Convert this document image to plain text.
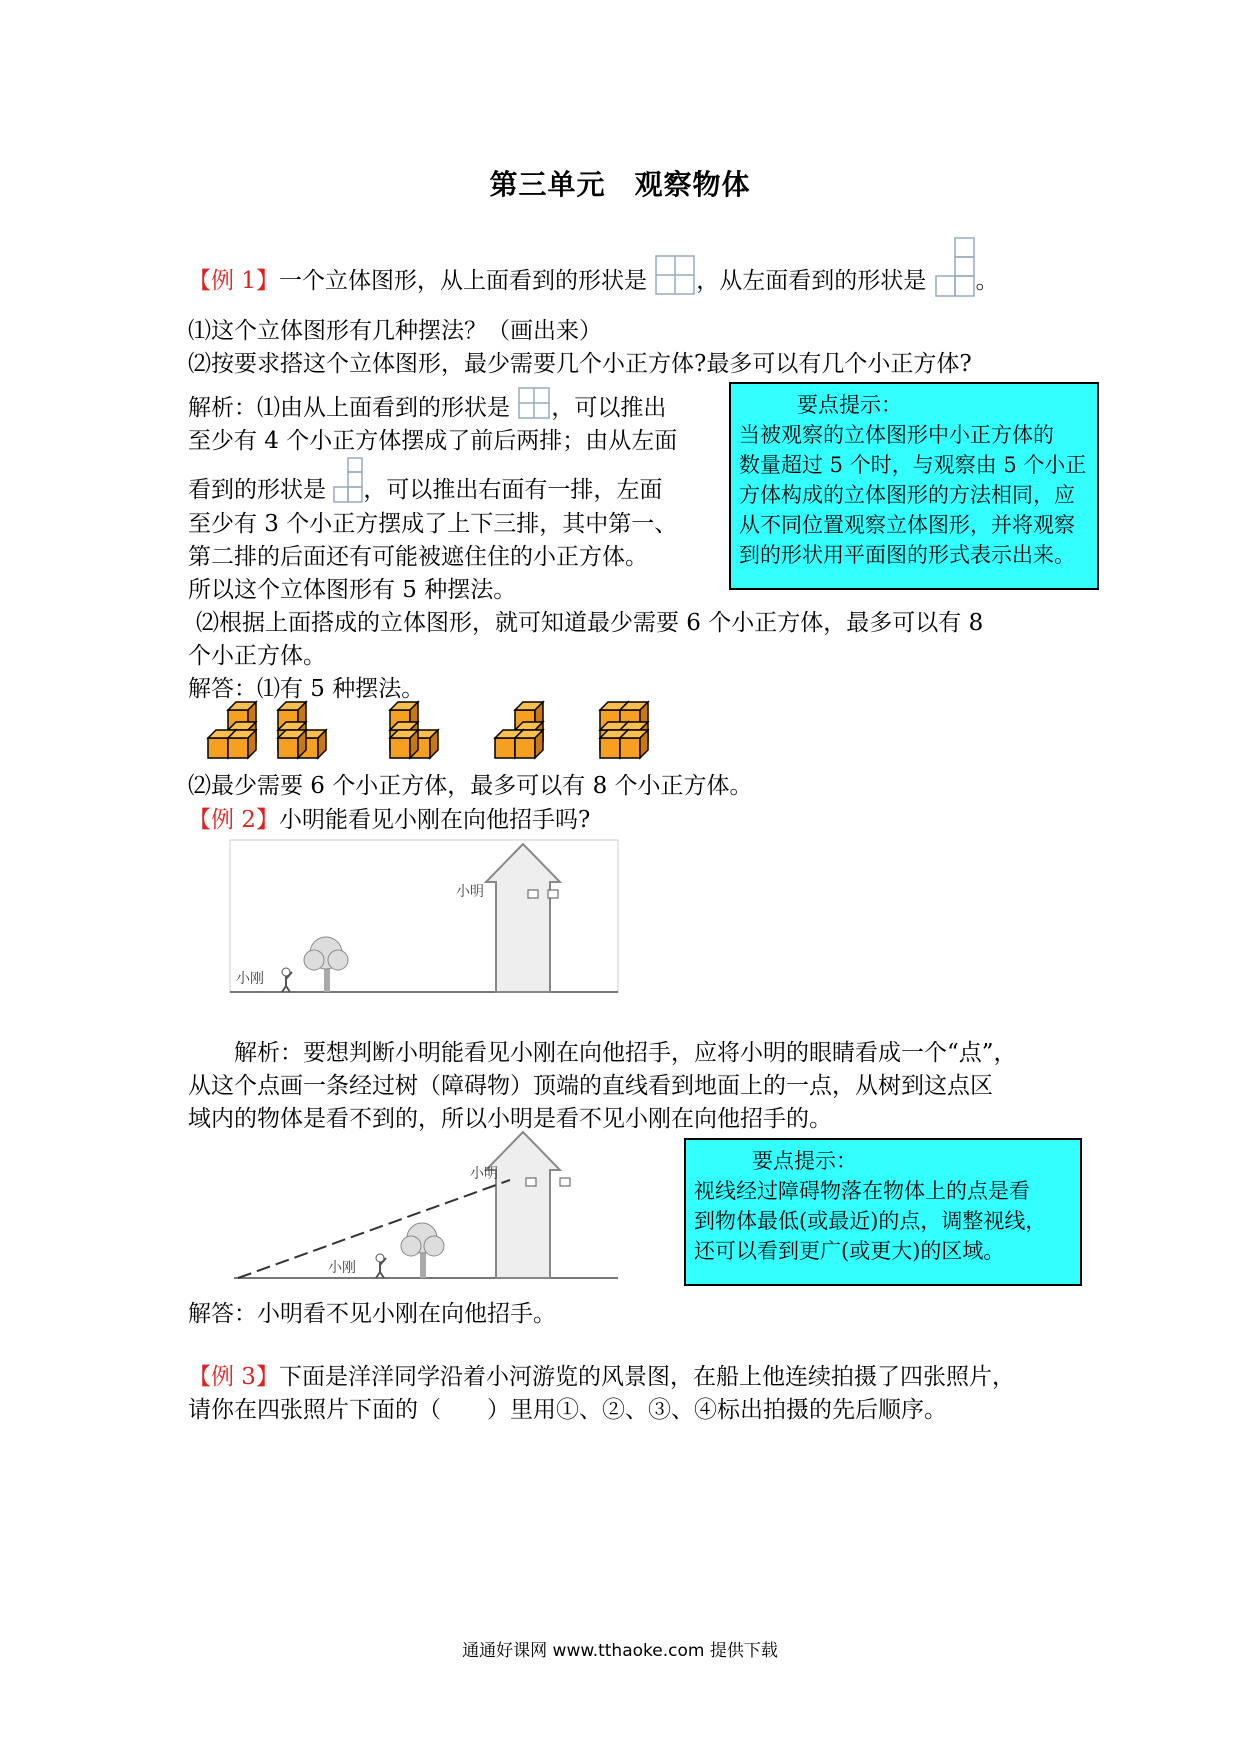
第三单元　观察物体
【例 1】一个立体图形，从上面看到的形状是 ，从左面看到的形状是 。
⑴这个立体图形有几种摆法？（画出来）
⑵按要求搭这个立体图形，最少需要几个小正方体?最多可以有几个小正方体?
解析：⑴由从上面看到的形状是 ，可以推出
至少有 4 个小正方体摆成了前后两排；由从左面
看到的形状是 ，可以推出右面有一排，左面
至少有 3 个小正方摆成了上下三排，其中第一、
第二排的后面还有可能被遮住住的小正方体。
所以这个立体图形有 5 种摆法。
⑵根据上面搭成的立体图形，就可知道最少需要 6 个小正方体，最多可以有 8
个小正方体。
解答：⑴有 5 种摆法。
要点提示：
当被观察的立体图形中小正方体的
数量超过 5 个时，与观察由 5 个小正
方体构成的立体图形的方法相同，应
从不同位置观察立体图形，并将观察
到的形状用平面图的形式表示出来。
⑵最少需要 6 个小正方体，最多可以有 8 个小正方体。
【例 2】小明能看见小刚在向他招手吗?
小明
小刚
解析：要想判断小明能看见小刚在向他招手，应将小明的眼睛看成一个“点”，
从这个点画一条经过树（障碍物）顶端的直线看到地面上的一点，从树到这点区
域内的物体是看不到的，所以小明是看不见小刚在向他招手的。
小明
小刚
要点提示：
视线经过障碍物落在物体上的点是看
到物体最低(或最近)的点，调整视线，
还可以看到更广(或更大)的区域。
解答：小明看不见小刚在向他招手。
【例 3】下面是洋洋同学沿着小河游览的风景图，在船上他连续拍摄了四张照片，
请你在四张照片下面的（　　）里用①、②、③、④标出拍摄的先后顺序。
通通好课网 www.tthaoke.com 提供下载
